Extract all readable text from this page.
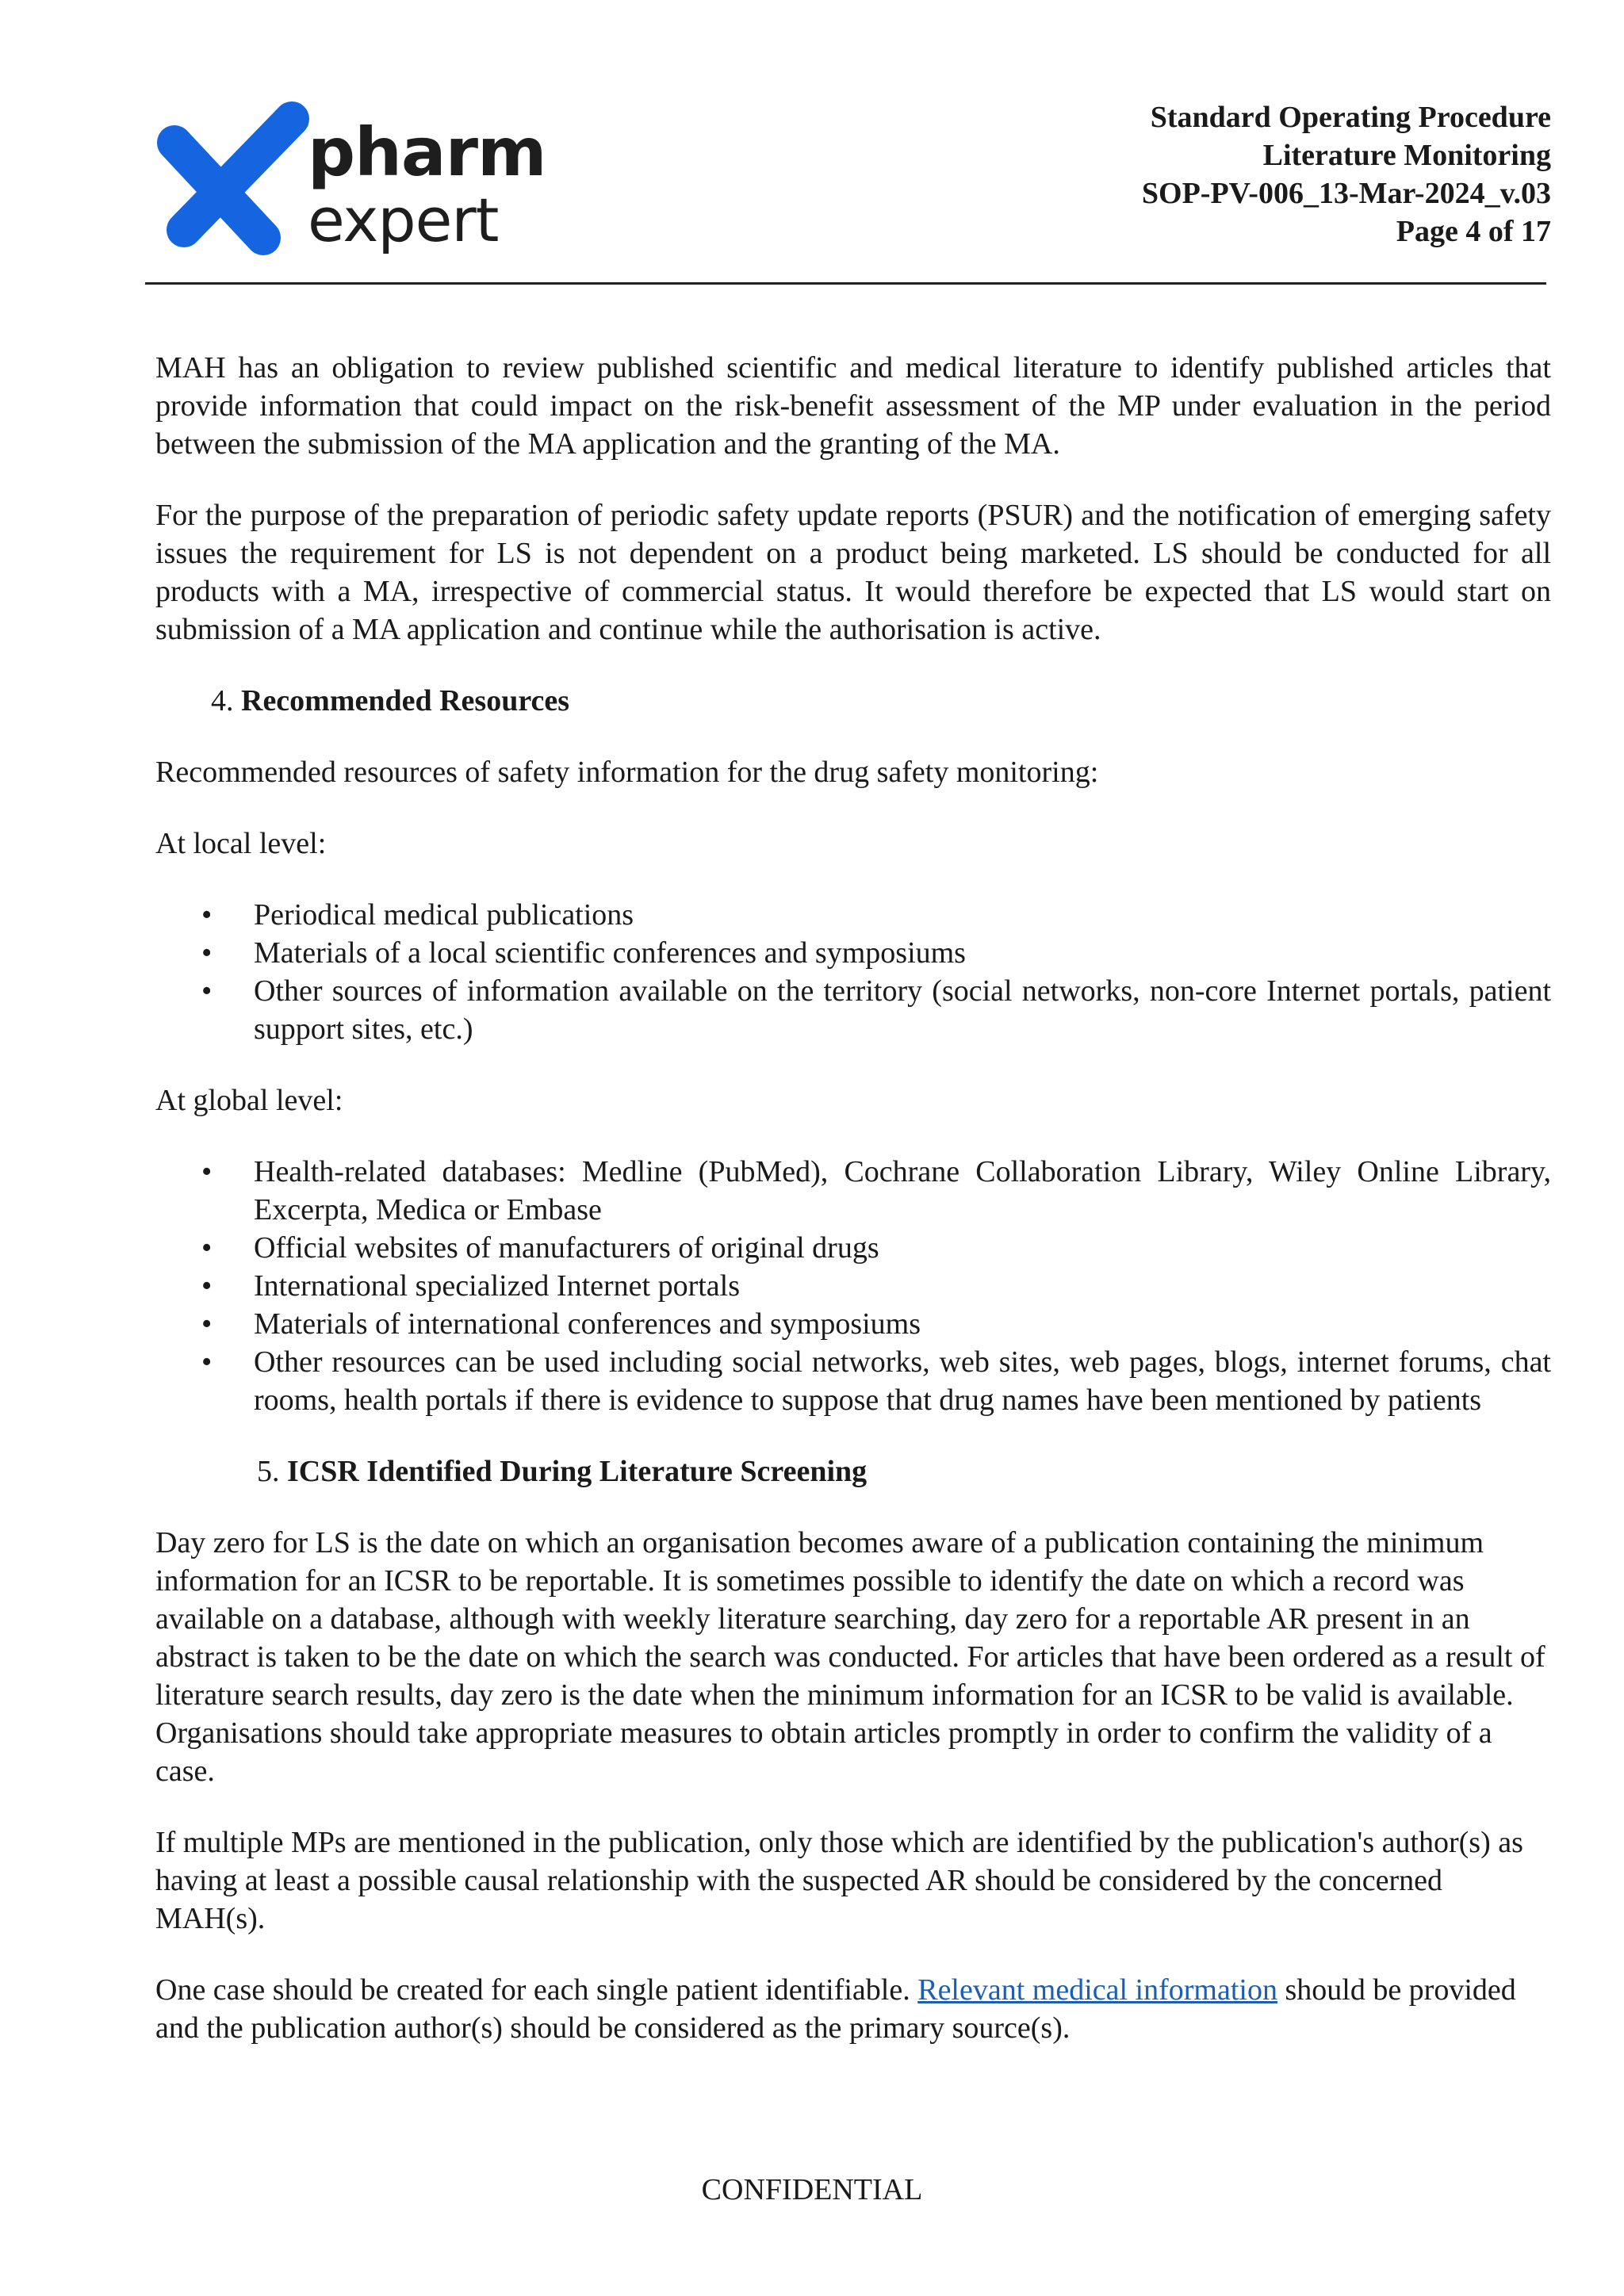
pharm
expert
Standard Operating Procedure
Literature Monitoring
SOP-PV-006_13-Mar-2024_v.03
Page 4 of 17

MAH has an obligation to review published scientific and medical literature to identify published articles that provide information that could impact on the risk-benefit assessment of the MP under evaluation in the period between the submission of the MA application and the granting of the MA.

For the purpose of the preparation of periodic safety update reports (PSUR) and the notification of emerging safety issues the requirement for LS is not dependent on a product being marketed. LS should be conducted for all products with a MA, irrespective of commercial status. It would therefore be expected that LS would start on submission of a MA application and continue while the authorisation is active.

4. Recommended Resources

Recommended resources of safety information for the drug safety monitoring:

At local level:

• Periodical medical publications
• Materials of a local scientific conferences and symposiums
• Other sources of information available on the territory (social networks, non-core Internet portals, patient support sites, etc.)

At global level:

• Health-related databases: Medline (PubMed), Cochrane Collaboration Library, Wiley Online Library, Excerpta, Medica or Embase
• Official websites of manufacturers of original drugs
• International specialized Internet portals
• Materials of international conferences and symposiums
• Other resources can be used including social networks, web sites, web pages, blogs, internet forums, chat rooms, health portals if there is evidence to suppose that drug names have been mentioned by patients
5. ICSR Identified During Literature Screening

Day zero for LS is the date on which an organisation becomes aware of a publication containing the minimum information for an ICSR to be reportable. It is sometimes possible to identify the date on which a record was available on a database, although with weekly literature searching, day zero for a reportable AR present in an abstract is taken to be the date on which the search was conducted. For articles that have been ordered as a result of literature search results, day zero is the date when the minimum information for an ICSR to be valid is available. Organisations should take appropriate measures to obtain articles promptly in order to confirm the validity of a case.

If multiple MPs are mentioned in the publication, only those which are identified by the publication's author(s) as having at least a possible causal relationship with the suspected AR should be considered by the concerned MAH(s).

One case should be created for each single patient identifiable. Relevant medical information should be provided and the publication author(s) should be considered as the primary source(s).

CONFIDENTIAL
